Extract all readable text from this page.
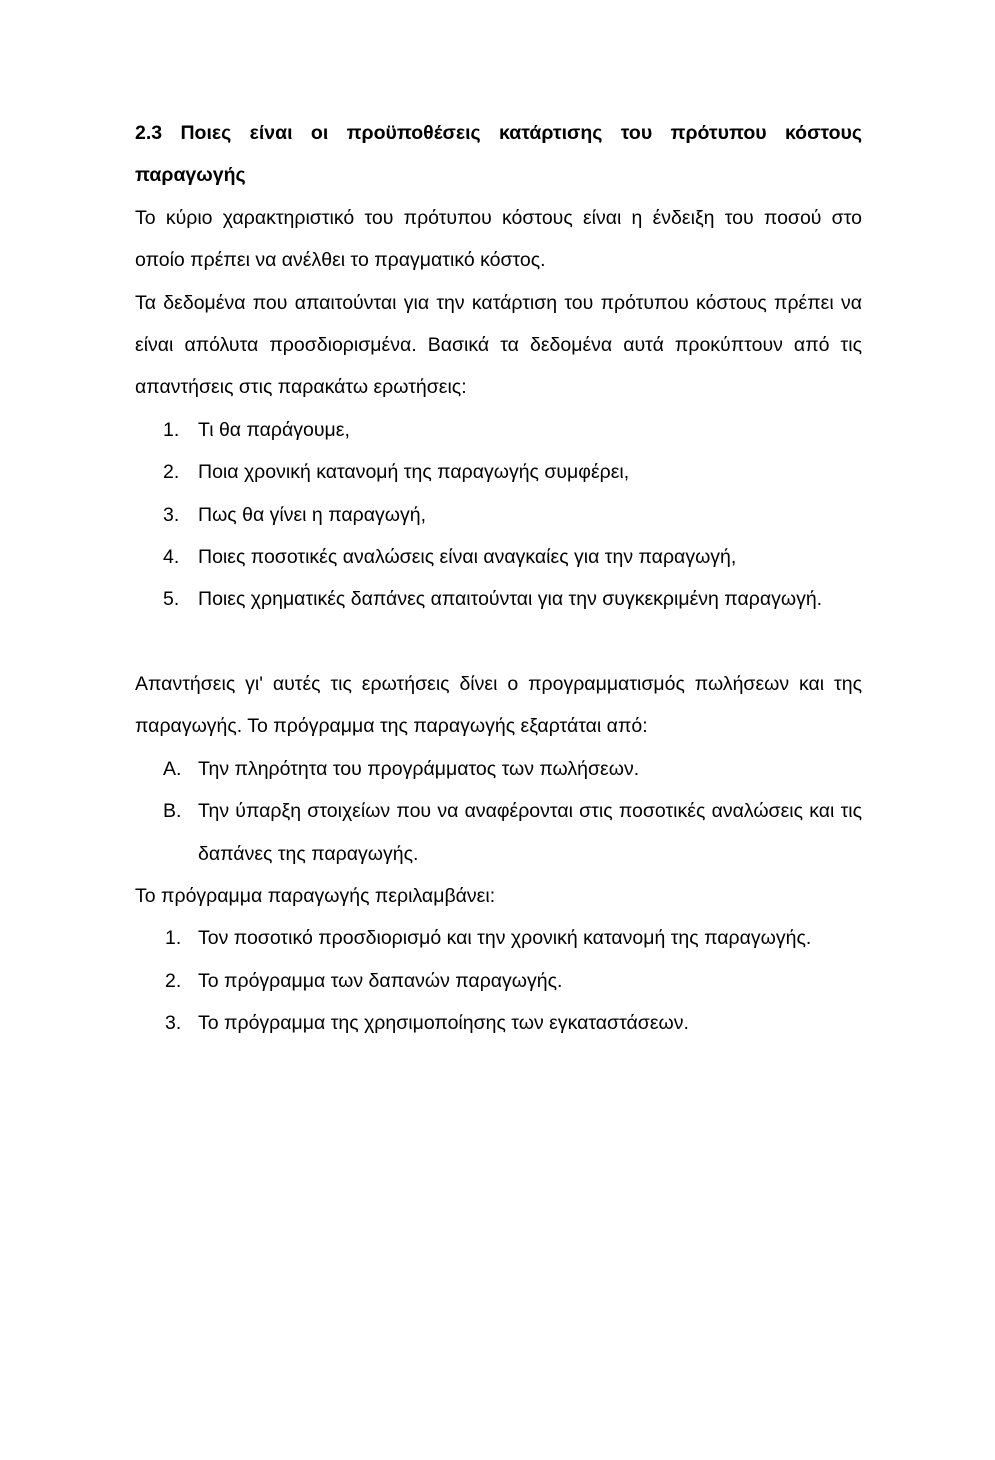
2.3 Ποιες είναι οι προϋποθέσεις κατάρτισης του πρότυπου κόστους παραγωγής

Το κύριο χαρακτηριστικό του πρότυπου κόστους είναι η ένδειξη του ποσού στο οποίο πρέπει να ανέλθει το πραγματικό κόστος.

Τα δεδομένα που απαιτούνται για την κατάρτιση του πρότυπου κόστους πρέπει να είναι απόλυτα προσδιορισμένα. Βασικά τα δεδομένα αυτά προκύπτουν από τις απαντήσεις στις παρακάτω ερωτήσεις:

1. Τι θα παράγουμε,
2. Ποια χρονική κατανομή της παραγωγής συμφέρει,
3. Πως θα γίνει η παραγωγή,
4. Ποιες ποσοτικές αναλώσεις είναι αναγκαίες για την παραγωγή,
5. Ποιες χρηματικές δαπάνες απαιτούνται για την συγκεκριμένη παραγωγή.

Απαντήσεις γι' αυτές τις ερωτήσεις δίνει ο προγραμματισμός πωλήσεων και της παραγωγής. Το πρόγραμμα της παραγωγής εξαρτάται από:

Α. Την πληρότητα του προγράμματος των πωλήσεων.
Β. Την ύπαρξη στοιχείων που να αναφέρονται στις ποσοτικές αναλώσεις και τις δαπάνες της παραγωγής.

Το πρόγραμμα παραγωγής περιλαμβάνει:

1. Τον ποσοτικό προσδιορισμό και την χρονική κατανομή της παραγωγής.
2. Το πρόγραμμα των δαπανών παραγωγής.
3. Το πρόγραμμα της χρησιμοποίησης των εγκαταστάσεων.
